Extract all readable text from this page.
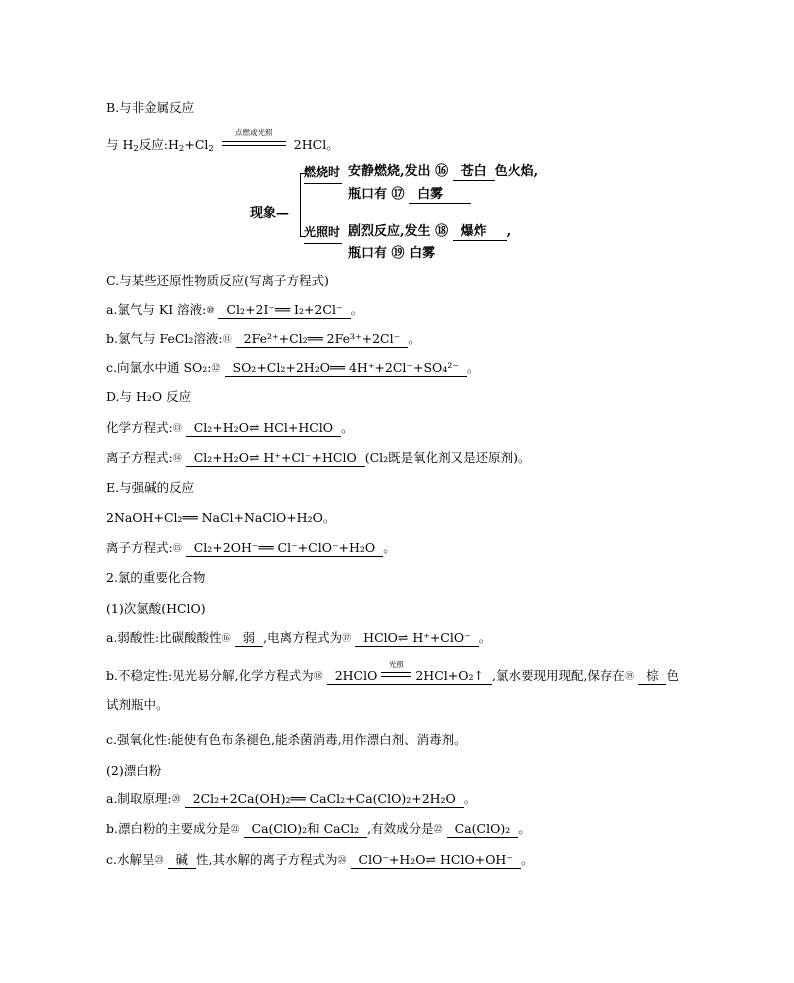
B.与非金属反应
与 $H_2$反应$:H_2+Cl_2$
点燃或光照
2HCl。
现象—
燃烧时 安静燃烧,发出 ⑯ 苍白 色火焰,
瓶口有 ⑰ 白雾
光照时 剧烈反应,发生 ⑱ 爆炸 ,
瓶口有 ⑲ 白雾
C.与某些还原性物质反应(写离子方程式)
a.氯气与 KI 溶液:⑩ Cl₂+2I⁻══ I₂+2Cl⁻ 。
b.氯气与 FeCl₂溶液:⑪ 2Fe²⁺+Cl₂══ 2Fe³⁺+2Cl⁻ 。
c.向氯水中通 SO₂:⑫ SO₂+Cl₂+2H₂O══ 4H⁺+2Cl⁻+SO₄²⁻ 。
D.与 H₂O 反应
化学方程式:⑬ Cl₂+H₂O⇌ HCl+HClO 。
离子方程式:⑭ Cl₂+H₂O⇌ H⁺+Cl⁻+HClO (Cl₂既是氧化剂又是还原剂)。
E.与强碱的反应
2NaOH+Cl₂══ NaCl+NaClO+H₂O。
离子方程式:⑮ Cl₂+2OH⁻══ Cl⁻+ClO⁻+H₂O 。
2.氯的重要化合物
(1)次氯酸(HClO)
a.弱酸性:比碳酸酸性⑯ 弱 ,电离方程式为⑰ HClO⇌ H⁺+ClO⁻ 。
b.不稳定性:见光易分解,化学方程式为⑱ 2HClO
光照
2HCl+O₂↑ ,氯水要现用现配,保存在⑲ 棕 色
试剂瓶中。
c.强氧化性:能使有色布条褪色,能杀菌消毒,用作漂白剂、消毒剂。
(2)漂白粉
a.制取原理:⑳ 2Cl₂+2Ca(OH)₂══ CaCl₂+Ca(ClO)₂+2H₂O 。
b.漂白粉的主要成分是㉑ Ca(ClO)₂和 CaCl₂ ,有效成分是㉒ Ca(ClO)₂ 。
c.水解呈㉓ 碱 性,其水解的离子方程式为㉔ ClO⁻+H₂O⇌ HClO+OH⁻ 。
